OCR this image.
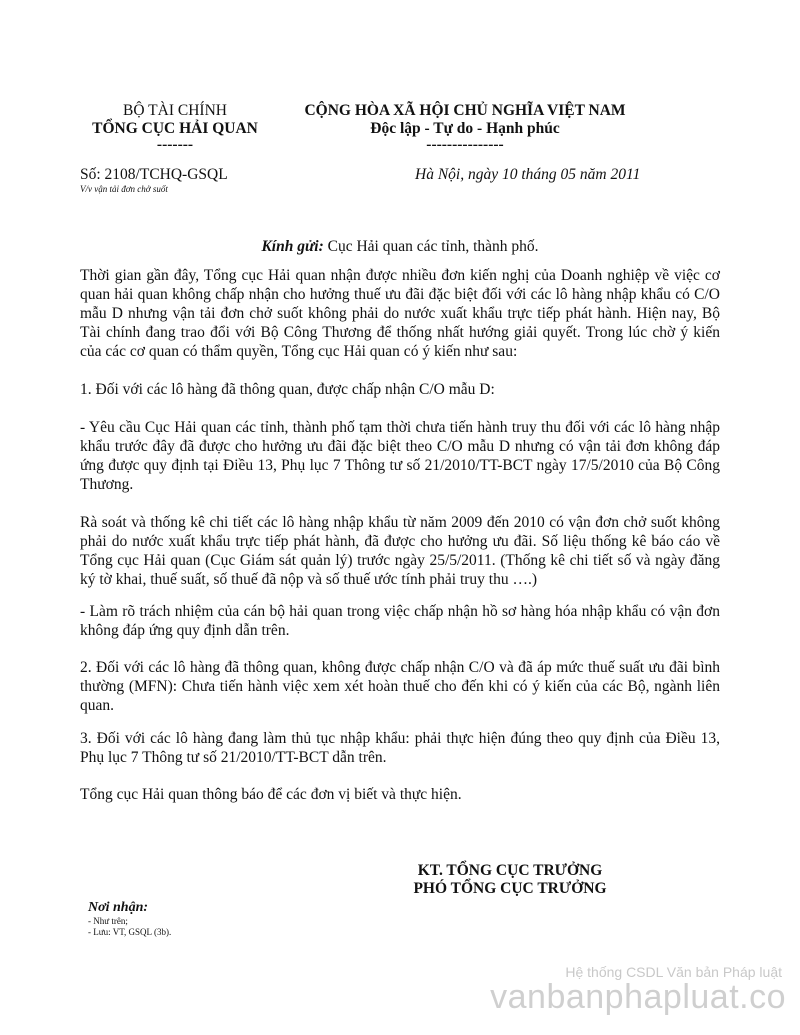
BỘ TÀI CHÍNH
TỔNG CỤC HẢI QUAN
-------
CỘNG HÒA XÃ HỘI CHỦ NGHĨA VIỆT NAM
Độc lập - Tự do - Hạnh phúc
---------------
Số: 2108/TCHQ-GSQL
V/v vận tải đơn chở suốt
Hà Nội, ngày 10 tháng 05 năm 2011
Kính gửi: Cục Hải quan các tỉnh, thành phố.
Thời gian gần đây, Tổng cục Hải quan nhận được nhiều đơn kiến nghị của Doanh nghiệp về việc cơ quan hải quan không chấp nhận cho hưởng thuế ưu đãi đặc biệt đối với các lô hàng nhập khẩu có C/O mẫu D nhưng vận tải đơn chở suốt không phải do nước xuất khẩu trực tiếp phát hành. Hiện nay, Bộ Tài chính đang trao đổi với Bộ Công Thương để thống nhất hướng giải quyết. Trong lúc chờ ý kiến của các cơ quan có thẩm quyền, Tổng cục Hải quan có ý kiến như sau:
1. Đối với các lô hàng đã thông quan, được chấp nhận C/O mẫu D:
- Yêu cầu Cục Hải quan các tỉnh, thành phố tạm thời chưa tiến hành truy thu đối với các lô hàng nhập khẩu trước đây đã được cho hưởng ưu đãi đặc biệt theo C/O mẫu D nhưng có vận tải đơn không đáp ứng được quy định tại Điều 13, Phụ lục 7 Thông tư số 21/2010/TT-BCT ngày 17/5/2010 của Bộ Công Thương.
Rà soát và thống kê chi tiết các lô hàng nhập khẩu từ năm 2009 đến 2010 có vận đơn chở suốt không phải do nước xuất khẩu trực tiếp phát hành, đã được cho hưởng ưu đãi. Số liệu thống kê báo cáo về Tổng cục Hải quan (Cục Giám sát quản lý) trước ngày 25/5/2011. (Thống kê chi tiết số và ngày đăng ký tờ khai, thuế suất, số thuế đã nộp và số thuế ước tính phải truy thu ….)
- Làm rõ trách nhiệm của cán bộ hải quan trong việc chấp nhận hồ sơ hàng hóa nhập khẩu có vận đơn không đáp ứng quy định dẫn trên.
2. Đối với các lô hàng đã thông quan, không được chấp nhận C/O và đã áp mức thuế suất ưu đãi bình thường (MFN): Chưa tiến hành việc xem xét hoàn thuế cho đến khi có ý kiến của các Bộ, ngành liên quan.
3. Đối với các lô hàng đang làm thủ tục nhập khẩu: phải thực hiện đúng theo quy định của Điều 13, Phụ lục 7 Thông tư số 21/2010/TT-BCT dẫn trên.
Tổng cục Hải quan thông báo để các đơn vị biết và thực hiện.
KT. TỔNG CỤC TRƯỞNG
PHÓ TỔNG CỤC TRƯỞNG
Nơi nhận:
- Như trên;
- Lưu: VT, GSQL (3b).
Hệ thống CSDL Văn bản Pháp luật
vanbanphapluat.co
